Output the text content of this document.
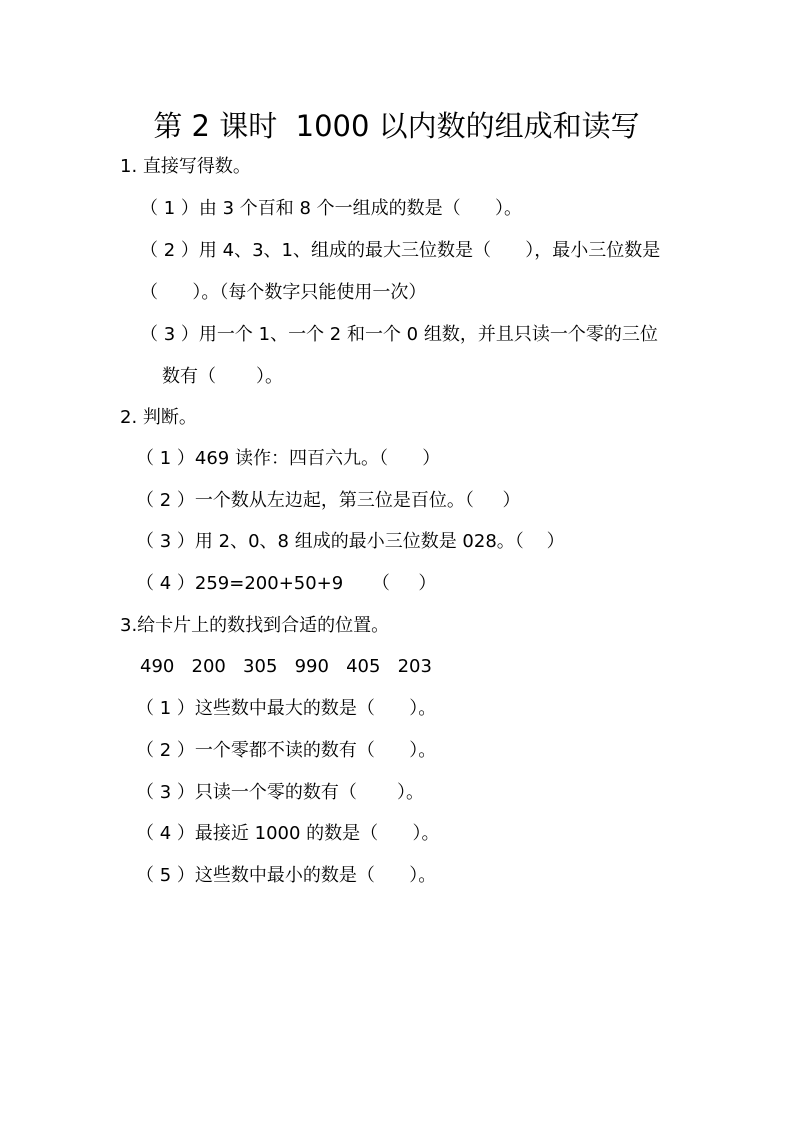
第 2 课时  1000 以内数的组成和读写
1. 直接写得数。
（ 1 ）由 3 个百和 8 个一组成的数是（      ）。
（ 2 ）用 4、3、1、组成的最大三位数是（      ），最小三位数是
（      ）。（每个数字只能使用一次）
（ 3 ）用一个 1、一个 2 和一个 0 组数，并且只读一个零的三位
数有（       ）。
2. 判断。
（ 1 ）469 读作：四百六九。（      ）
（ 2 ）一个数从左边起，第三位是百位。（     ）
（ 3 ）用 2、0、8 组成的最小三位数是 028。（    ）
（ 4 ）259=200+50+9     （     ）
3.给卡片上的数找到合适的位置。
490   200   305   990   405   203
（ 1 ）这些数中最大的数是（      ）。
（ 2 ）一个零都不读的数有（      ）。
（ 3 ）只读一个零的数有（       ）。
（ 4 ）最接近 1000 的数是（      ）。
（ 5 ）这些数中最小的数是（      ）。
